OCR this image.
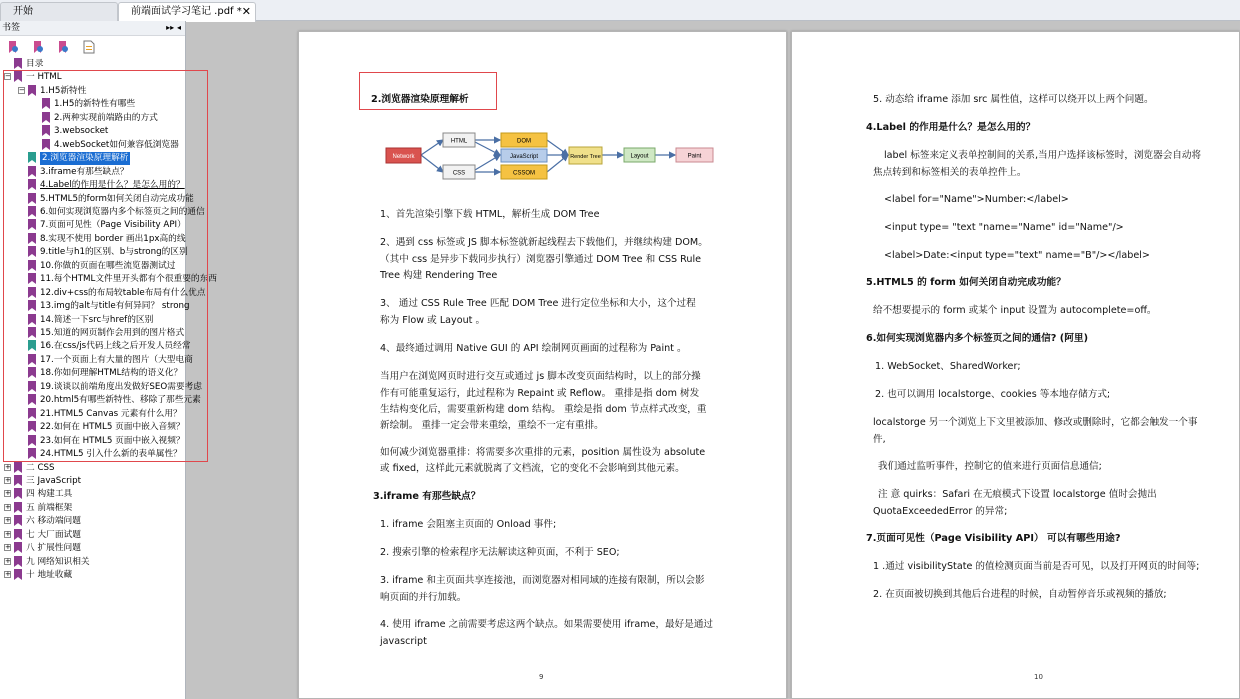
开始	前端面试学习笔记 .pdf * ✕
书签	▸▸ ◂
目录
− 一 HTML
− 1.H5新特性
1.H5的新特性有哪些
2.两种实现前端路由的方式
3.websocket
4.webSocket如何兼容低浏览器
2.浏览器渲染原理解析
3.iframe有那些缺点？
4.Label的作用是什么？是怎么用的？
5.HTML5的form如何关闭自动完成功能
6.如何实现浏览器内多个标签页之间的通信
7.页面可见性（Page Visibility API）
8.实现不使用 border 画出1px高的线
9.title与h1的区别、b与strong的区别
10.你做的页面在哪些流览器测试过
11.每个HTML文件里开头都有个很重要的东西
12.div+css的布局较table布局有什么优点
13.img的alt与title有何异同？ strong
14.简述一下src与href的区别
15.知道的网页制作会用到的图片格式
16.在css/js代码上线之后开发人员经常
17.一个页面上有大量的图片（大型电商
18.你如何理解HTML结构的语义化？
19.谈谈以前端角度出发做好SEO需要考虑
20.html5有哪些新特性、移除了那些元素
21.HTML5 Canvas 元素有什么用？
22.如何在 HTML5 页面中嵌入音频？
23.如何在 HTML5 页面中嵌入视频？
24.HTML5 引入什么新的表单属性？
+ 二 CSS
+ 三 JavaScript
+ 四 构建工具
+ 五 前端框架
+ 六 移动端问题
+ 七 大厂面试题
+ 八 扩展性问题
+ 九 网络知识相关
+ 十 地址收藏
9
2.浏览器渲染原理解析
Network
HTML
CSS
DOM
JavaScript
CSSOM
Render Tree	Layout	Paint
1、首先渲染引擎下载 HTML，解析生成 DOM Tree
2、遇到 css 标签或 JS 脚本标签就新起线程去下载他们，并继续构建 DOM。
（其中 css 是异步下载同步执行）浏览器引擎通过 DOM Tree 和 CSS Rule
Tree 构建 Rendering Tree
3、 通过 CSS Rule Tree 匹配 DOM Tree 进行定位坐标和大小，这个过程
称为 Flow 或 Layout 。
4、最终通过调用 Native GUI 的 API 绘制网页画面的过程称为 Paint 。
当用户在浏览网页时进行交互或通过 js 脚本改变页面结构时，以上的部分操
作有可能重复运行，此过程称为 Repaint 或 Reflow。 重排是指 dom 树发
生结构变化后，需要重新构建 dom 结构。 重绘是指 dom 节点样式改变，重
新绘制。 重排一定会带来重绘，重绘不一定有重排。
如何减少浏览器重排：将需要多次重排的元素，position 属性设为 absolute
或 fixed，这样此元素就脱离了文档流，它的变化不会影响到其他元素。
3.iframe 有那些缺点？
1. iframe 会阻塞主页面的 Onload 事件;
2. 搜索引擎的检索程序无法解读这种页面，不利于 SEO;
3. iframe 和主页面共享连接池，而浏览器对相同域的连接有限制，所以会影
响页面的并行加载。
4. 使用 iframe 之前需要考虑这两个缺点。如果需要使用 iframe，最好是通过
javascript
10
5. 动态给 iframe 添加 src 属性值，这样可以绕开以上两个问题。
4.Label 的作用是什么？是怎么用的？
label 标签来定义表单控制间的关系,当用户选择该标签时，浏览器会自动将
焦点转到和标签相关的表单控件上。
<label for="Name">Number:</label>
<input type= "text "name="Name" id="Name"/>
<label>Date:<input type="text" name="B"/></label>
5.HTML5 的 form 如何关闭自动完成功能？
给不想要提示的 form 或某个 input 设置为 autocomplete=off。
6.如何实现浏览器内多个标签页之间的通信? (阿里)
1. WebSocket、SharedWorker;
2. 也可以调用 localstorge、cookies 等本地存储方式;
localstorge 另一个浏览上下文里被添加、修改或删除时，它都会触发一个事
件,
我们通过监听事件，控制它的值来进行页面信息通信;
注 意 quirks：Safari 在无痕模式下设置 localstorge 值时会抛出
QuotaExceededError 的异常;
7.页面可见性（Page Visibility API） 可以有哪些用途?
1 .通过 visibilityState 的值检测页面当前是否可见，以及打开网页的时间等;
2. 在页面被切换到其他后台进程的时候，自动暂停音乐或视频的播放;
